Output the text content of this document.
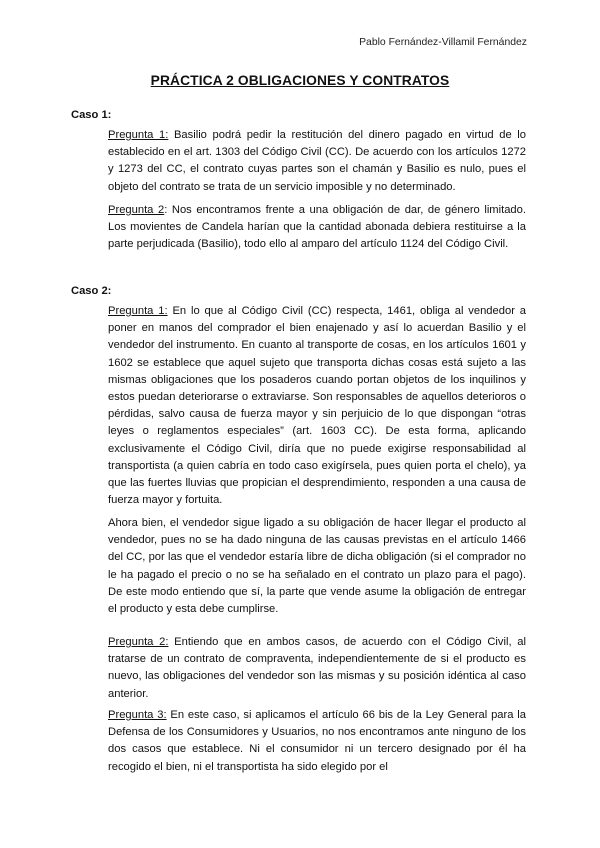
Pablo Fernández-Villamil Fernández
PRÁCTICA 2 OBLIGACIONES Y CONTRATOS
Caso 1:

Pregunta 1: Basilio podrá pedir la restitución del dinero pagado en virtud de lo establecido en el art. 1303 del Código Civil (CC). De acuerdo con los artículos 1272 y 1273 del CC, el contrato cuyas partes son el chamán y Basilio es nulo, pues el objeto del contrato se trata de un servicio imposible y no determinado.

Pregunta 2: Nos encontramos frente a una obligación de dar, de género limitado. Los movientes de Candela harían que la cantidad abonada debiera restituirse a la parte perjudicada (Basilio), todo ello al amparo del artículo 1124 del Código Civil.

Caso 2:

Pregunta 1: En lo que al Código Civil (CC) respecta, 1461, obliga al vendedor a poner en manos del comprador el bien enajenado y así lo acuerdan Basilio y el vendedor del instrumento. En cuanto al transporte de cosas, en los artículos 1601 y 1602 se establece que aquel sujeto que transporta dichas cosas está sujeto a las mismas obligaciones que los posaderos cuando portan objetos de los inquilinos y estos puedan deteriorarse o extraviarse. Son responsables de aquellos deterioros o pérdidas, salvo causa de fuerza mayor y sin perjuicio de lo que dispongan “otras leyes o reglamentos especiales” (art. 1603 CC). De esta forma, aplicando exclusivamente el Código Civil, diría que no puede exigirse responsabilidad al transportista (a quien cabría en todo caso exigírsela, pues quien porta el chelo), ya que las fuertes lluvias que propician el desprendimiento, responden a una causa de fuerza mayor y fortuita.

Ahora bien, el vendedor sigue ligado a su obligación de hacer llegar el producto al vendedor, pues no se ha dado ninguna de las causas previstas en el artículo 1466 del CC, por las que el vendedor estaría libre de dicha obligación (si el comprador no le ha pagado el precio o no se ha señalado en el contrato un plazo para el pago). De este modo entiendo que sí, la parte que vende asume la obligación de entregar el producto y esta debe cumplirse.

Pregunta 2: Entiendo que en ambos casos, de acuerdo con el Código Civil, al tratarse de un contrato de compraventa, independientemente de si el producto es nuevo, las obligaciones del vendedor son las mismas y su posición idéntica al caso anterior.

Pregunta 3: En este caso, si aplicamos el artículo 66 bis de la Ley General para la Defensa de los Consumidores y Usuarios, no nos encontramos ante ninguno de los dos casos que establece. Ni el consumidor ni un tercero designado por él ha recogido el bien, ni el transportista ha sido elegido por el
